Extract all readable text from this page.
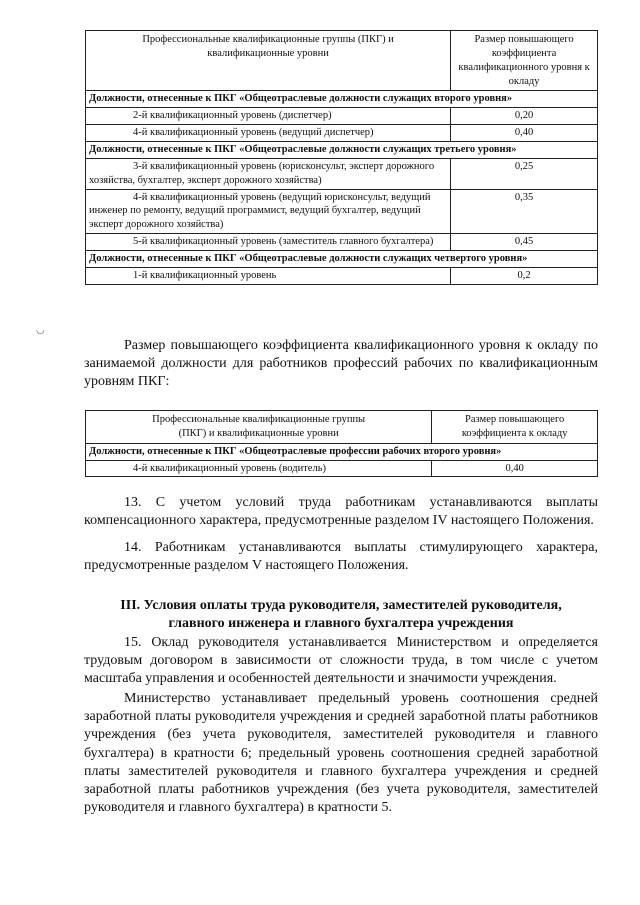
Профессиональные квалификационные группы (ПКГ) и квалификационные уровни	Размер повышающего коэффициента квалификационного уровня к окладу
Должности, отнесенные к ПКГ «Общеотраслевые должности служащих второго уровня»	

2-й квалификационный уровень (диспетчер)	0,20

4-й квалификационный уровень (ведущий диспетчер)	0,40
Должности, отнесенные к ПКГ «Общеотраслевые должности служащих третьего уровня»	

3-й квалификационный уровень (юрисконсульт, эксперт дорожного хозяйства, бухгалтер, эксперт дорожного хозяйства)	0,25

4-й квалификационный уровень (ведущий юрисконсульт, ведущий инженер по ремонту, ведущий программист, ведущий бухгалтер, ведущий эксперт дорожного хозяйства)	0,35

5-й квалификационный уровень (заместитель главного бухгалтера)	0,45
Должности, отнесенные к ПКГ «Общеотраслевые должности служащих четвертого уровня»	

1-й квалификационный уровень	0,2
◡
Размер повышающего коэффициента квалификационного уровня к окладу по занимаемой должности для работников профессий рабочих по квалификационным уровням ПКГ:
Профессиональные квалификационные группы (ПКГ) и квалификационные уровни	Размер повышающего коэффициента к окладу
Должности, отнесенные к ПКГ «Общеотраслевые профессии рабочих второго уровня»	

4-й квалификационный уровень (водитель)	0,40
13. С учетом условий труда работникам устанавливаются выплаты компенсационного характера, предусмотренные разделом IV настоящего Положения.
14. Работникам устанавливаются выплаты стимулирующего характера, предусмотренные разделом V настоящего Положения.
III. Условия оплаты труда руководителя, заместителей руководителя, главного инженера и главного бухгалтера учреждения
15. Оклад руководителя устанавливается Министерством и определяется трудовым договором в зависимости от сложности труда, в том числе с учетом масштаба управления и особенностей деятельности и значимости учреждения.
Министерство устанавливает предельный уровень соотношения средней заработной платы руководителя учреждения и средней заработной платы работников учреждения (без учета руководителя, заместителей руководителя и главного бухгалтера) в кратности 6; предельный уровень соотношения средней заработной платы заместителей руководителя и главного бухгалтера учреждения и средней заработной платы работников учреждения (без учета руководителя, заместителей руководителя и главного бухгалтера) в кратности 5.
